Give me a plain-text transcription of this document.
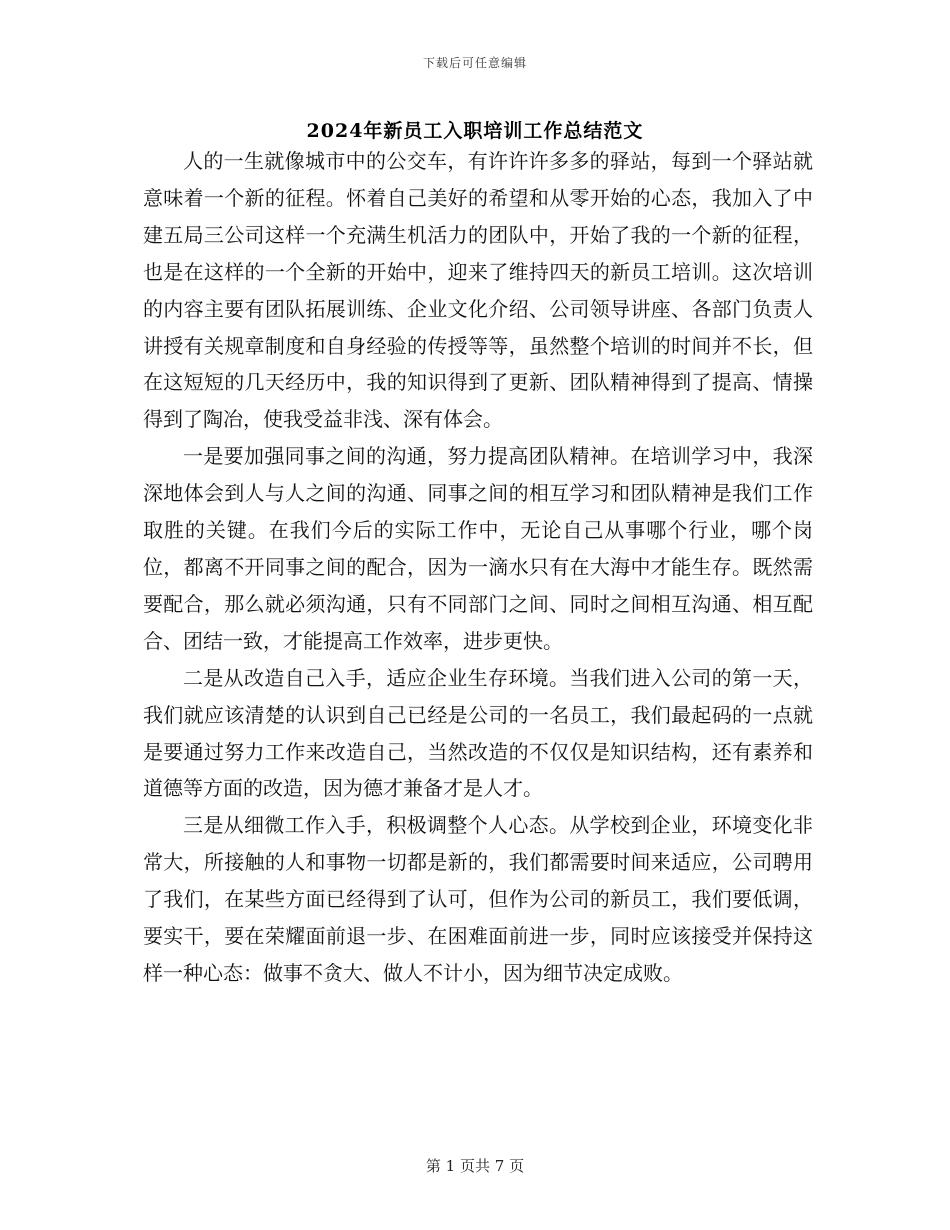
下载后可任意编辑
2024年新员工入职培训工作总结范文

人的一生就像城市中的公交车，有许许许多多的驿站，每到一个驿站就意味着一个新的征程。怀着自己美好的希望和从零开始的心态，我加入了中建五局三公司这样一个充满生机活力的团队中，开始了我的一个新的征程，也是在这样的一个全新的开始中，迎来了维持四天的新员工培训。这次培训的内容主要有团队拓展训练、企业文化介绍、公司领导讲座、各部门负责人讲授有关规章制度和自身经验的传授等等，虽然整个培训的时间并不长，但在这短短的几天经历中，我的知识得到了更新、团队精神得到了提高、情操得到了陶冶，使我受益非浅、深有体会。

一是要加强同事之间的沟通，努力提高团队精神。在培训学习中，我深深地体会到人与人之间的沟通、同事之间的相互学习和团队精神是我们工作取胜的关键。在我们今后的实际工作中，无论自己从事哪个行业，哪个岗位，都离不开同事之间的配合，因为一滴水只有在大海中才能生存。既然需要配合，那么就必须沟通，只有不同部门之间、同时之间相互沟通、相互配合、团结一致，才能提高工作效率，进步更快。

二是从改造自己入手，适应企业生存环境。当我们进入公司的第一天，我们就应该清楚的认识到自己已经是公司的一名员工，我们最起码的一点就是要通过努力工作来改造自己，当然改造的不仅仅是知识结构，还有素养和道德等方面的改造，因为德才兼备才是人才。

三是从细微工作入手，积极调整个人心态。从学校到企业，环境变化非常大，所接触的人和事物一切都是新的，我们都需要时间来适应，公司聘用了我们，在某些方面已经得到了认可，但作为公司的新员工，我们要低调，要实干，要在荣耀面前退一步、在困难面前进一步，同时应该接受并保持这样一种心态：做事不贪大、做人不计小，因为细节决定成败。

第 1 页共 7 页
